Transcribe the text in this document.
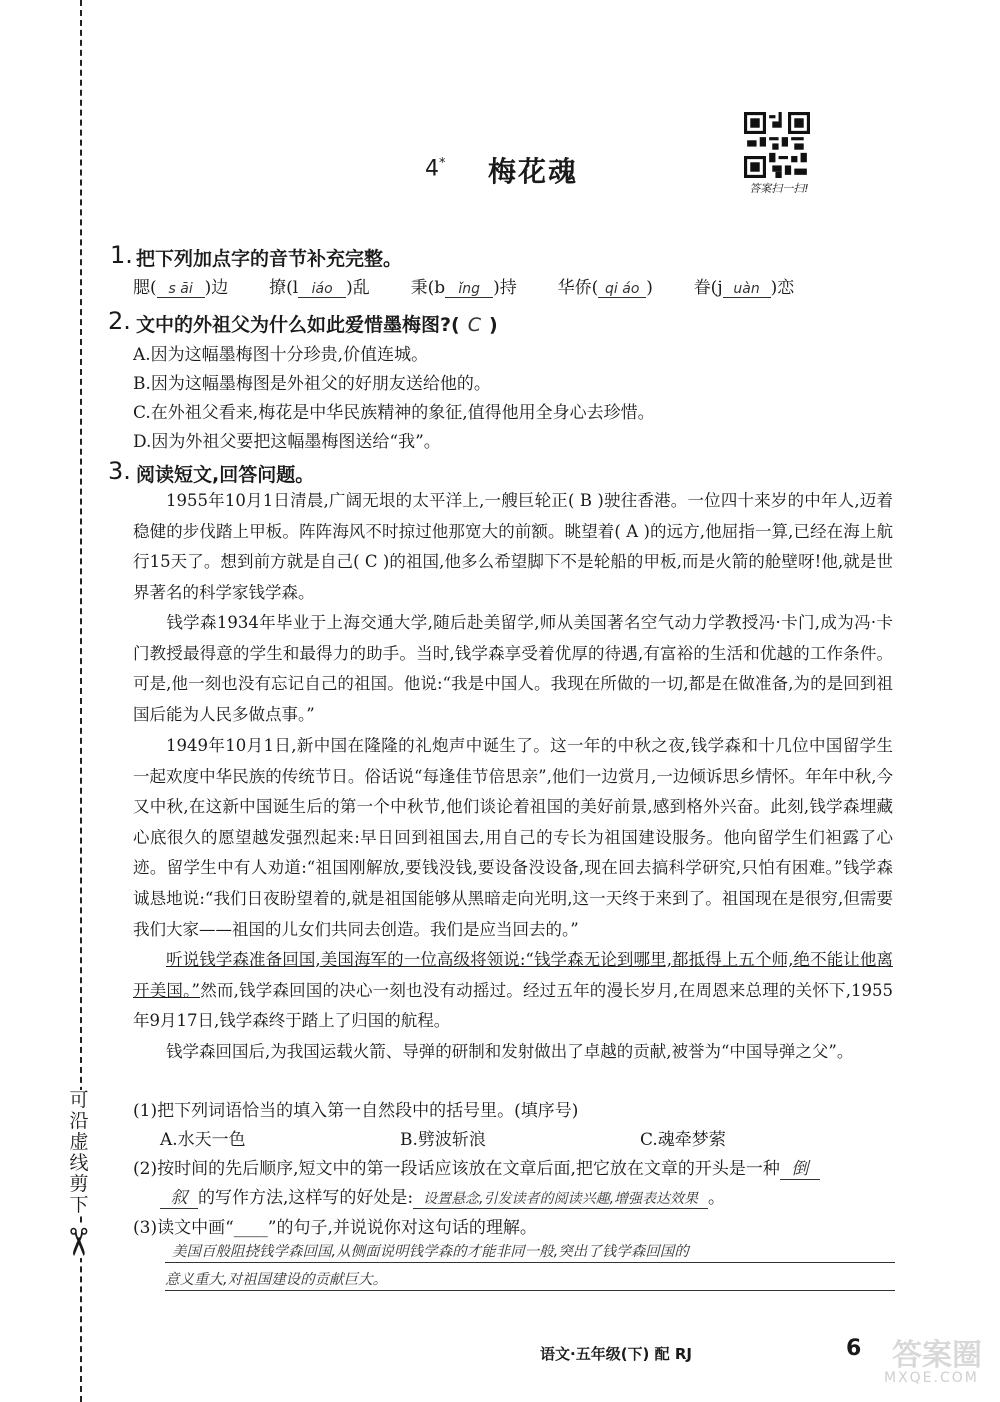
可沿虚线剪下
✂
答案扫一扫!
4* 梅花魂
1. 把下列加点字的音节补充完整。
腮( s āi )边 撩(l iáo )乱 秉(b ǐng )持 华侨( qi áo ) 眷(j uàn )恋
2. 文中的外祖父为什么如此爱惜墨梅图?( C )
A.因为这幅墨梅图十分珍贵,价值连城。
B.因为这幅墨梅图是外祖父的好朋友送给他的。
C.在外祖父看来,梅花是中华民族精神的象征,值得他用全身心去珍惜。
D.因为外祖父要把这幅墨梅图送给“我”。
3. 阅读短文,回答问题。
1955年10月1日清晨,广阔无垠的太平洋上,一艘巨轮正( B )驶往香港。一位四十来岁的中年人,迈着稳健的步伐踏上甲板。阵阵海风不时掠过他那宽大的前额。眺望着( A )的远方,他屈指一算,已经在海上航行15天了。想到前方就是自己( C )的祖国,他多么希望脚下不是轮船的甲板,而是火箭的舱壁呀!他,就是世界著名的科学家钱学森。
钱学森1934年毕业于上海交通大学,随后赴美留学,师从美国著名空气动力学教授冯·卡门,成为冯·卡门教授最得意的学生和最得力的助手。当时,钱学森享受着优厚的待遇,有富裕的生活和优越的工作条件。可是,他一刻也没有忘记自己的祖国。他说:“我是中国人。我现在所做的一切,都是在做准备,为的是回到祖国后能为人民多做点事。”
1949年10月1日,新中国在隆隆的礼炮声中诞生了。这一年的中秋之夜,钱学森和十几位中国留学生一起欢度中华民族的传统节日。俗话说“每逢佳节倍思亲”,他们一边赏月,一边倾诉思乡情怀。年年中秋,今又中秋,在这新中国诞生后的第一个中秋节,他们谈论着祖国的美好前景,感到格外兴奋。此刻,钱学森埋藏心底很久的愿望越发强烈起来:早日回到祖国去,用自己的专长为祖国建设服务。他向留学生们袒露了心迹。留学生中有人劝道:“祖国刚解放,要钱没钱,要设备没设备,现在回去搞科学研究,只怕有困难。”钱学森诚恳地说:“我们日夜盼望着的,就是祖国能够从黑暗走向光明,这一天终于来到了。祖国现在是很穷,但需要我们大家——祖国的儿女们共同去创造。我们是应当回去的。”
听说钱学森准备回国,美国海军的一位高级将领说:“钱学森无论到哪里,都抵得上五个师,绝不能让他离开美国。”然而,钱学森回国的决心一刻也没有动摇过。经过五年的漫长岁月,在周恩来总理的关怀下,1955年9月17日,钱学森终于踏上了归国的航程。
钱学森回国后,为我国运载火箭、导弹的研制和发射做出了卓越的贡献,被誉为“中国导弹之父”。
(1)把下列词语恰当的填入第一自然段中的括号里。(填序号)
A.水天一色	B.劈波斩浪	C.魂牵梦萦
(2)按时间的先后顺序,短文中的第一段话应该放在文章后面,把它放在文章的开头是一种 倒
叙 的写作方法,这样写的好处是: 设置悬念,引发读者的阅读兴趣,增强表达效果 。
(3)读文中画“____”的句子,并说说你对这句话的理解。
美国百般阻挠钱学森回国,从侧面说明钱学森的才能非同一般,突出了钱学森回国的
意义重大,对祖国建设的贡献巨大。
语文·五年级(下) 配 RJ	6 答案圈
MXQE.COM
